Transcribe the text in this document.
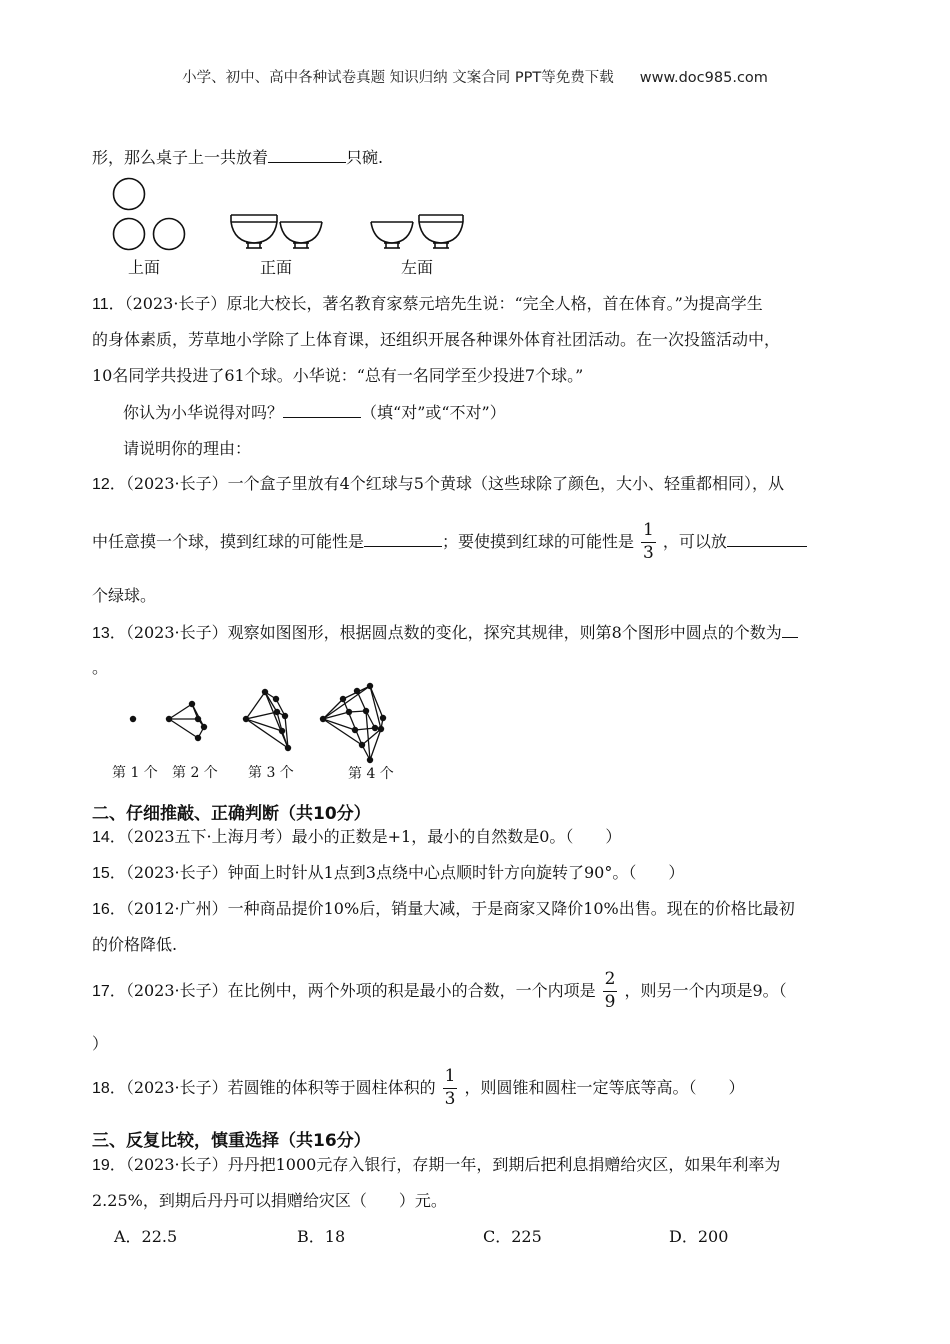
小学、初中、高中各种试卷真题 知识归纳 文案合同 PPT等免费下载 www.doc985.com
形，那么桌子上一共放着	只碗.
上面	正面	左面
11．（2023·长子）原北大校长，著名教育家蔡元培先生说：“完全人格，首在体育。”为提高学生
的身体素质，芳草地小学除了上体育课，还组织开展各种课外体育社团活动。在一次投篮活动中，
10名同学共投进了61个球。小华说：“总有一名同学至少投进7个球。”
你认为小华说得对吗？	（填“对”或“不对”）
请说明你的理由：
12．（2023·长子）一个盒子里放有4个红球与5个黄球（这些球除了颜色，大小、轻重都相同），从
中任意摸一个球，摸到红球的可能性是	；要使摸到红球的可能性是 $\frac{1}{3}$ ，可以放
个绿球。
13．（2023·长子）观察如图图形，根据圆点数的变化，探究其规律，则第8个图形中圆点的个数为
。
第 1 个 第 2 个 第 3 个	第 4 个
二、仔细推敲、正确判断（共10分）
14．（2023五下·上海月考）最小的正数是+1，最小的自然数是0。（　　）
15．（2023·长子）钟面上时针从1点到3点绕中心点顺时针方向旋转了90°。（　　）
16．（2012·广州）一种商品提价10%后，销量大减，于是商家又降价10%出售。现在的价格比最初
的价格降低.
17．（2023·长子）在比例中，两个外项的积是最小的合数，一个内项是 $\frac{2}{9}$ ，则另一个内项是9。（
）
18．（2023·长子）若圆锥的体积等于圆柱体积的 $\frac{1}{3}$ ，则圆锥和圆柱一定等底等高。（　　）
三、反复比较，慎重选择（共16分）
19．（2023·长子）丹丹把1000元存入银行，存期一年，到期后把利息捐赠给灾区，如果年利率为
2.25%，到期后丹丹可以捐赠给灾区（　　）元。
A．22.5	B．18	C．225	D．200
